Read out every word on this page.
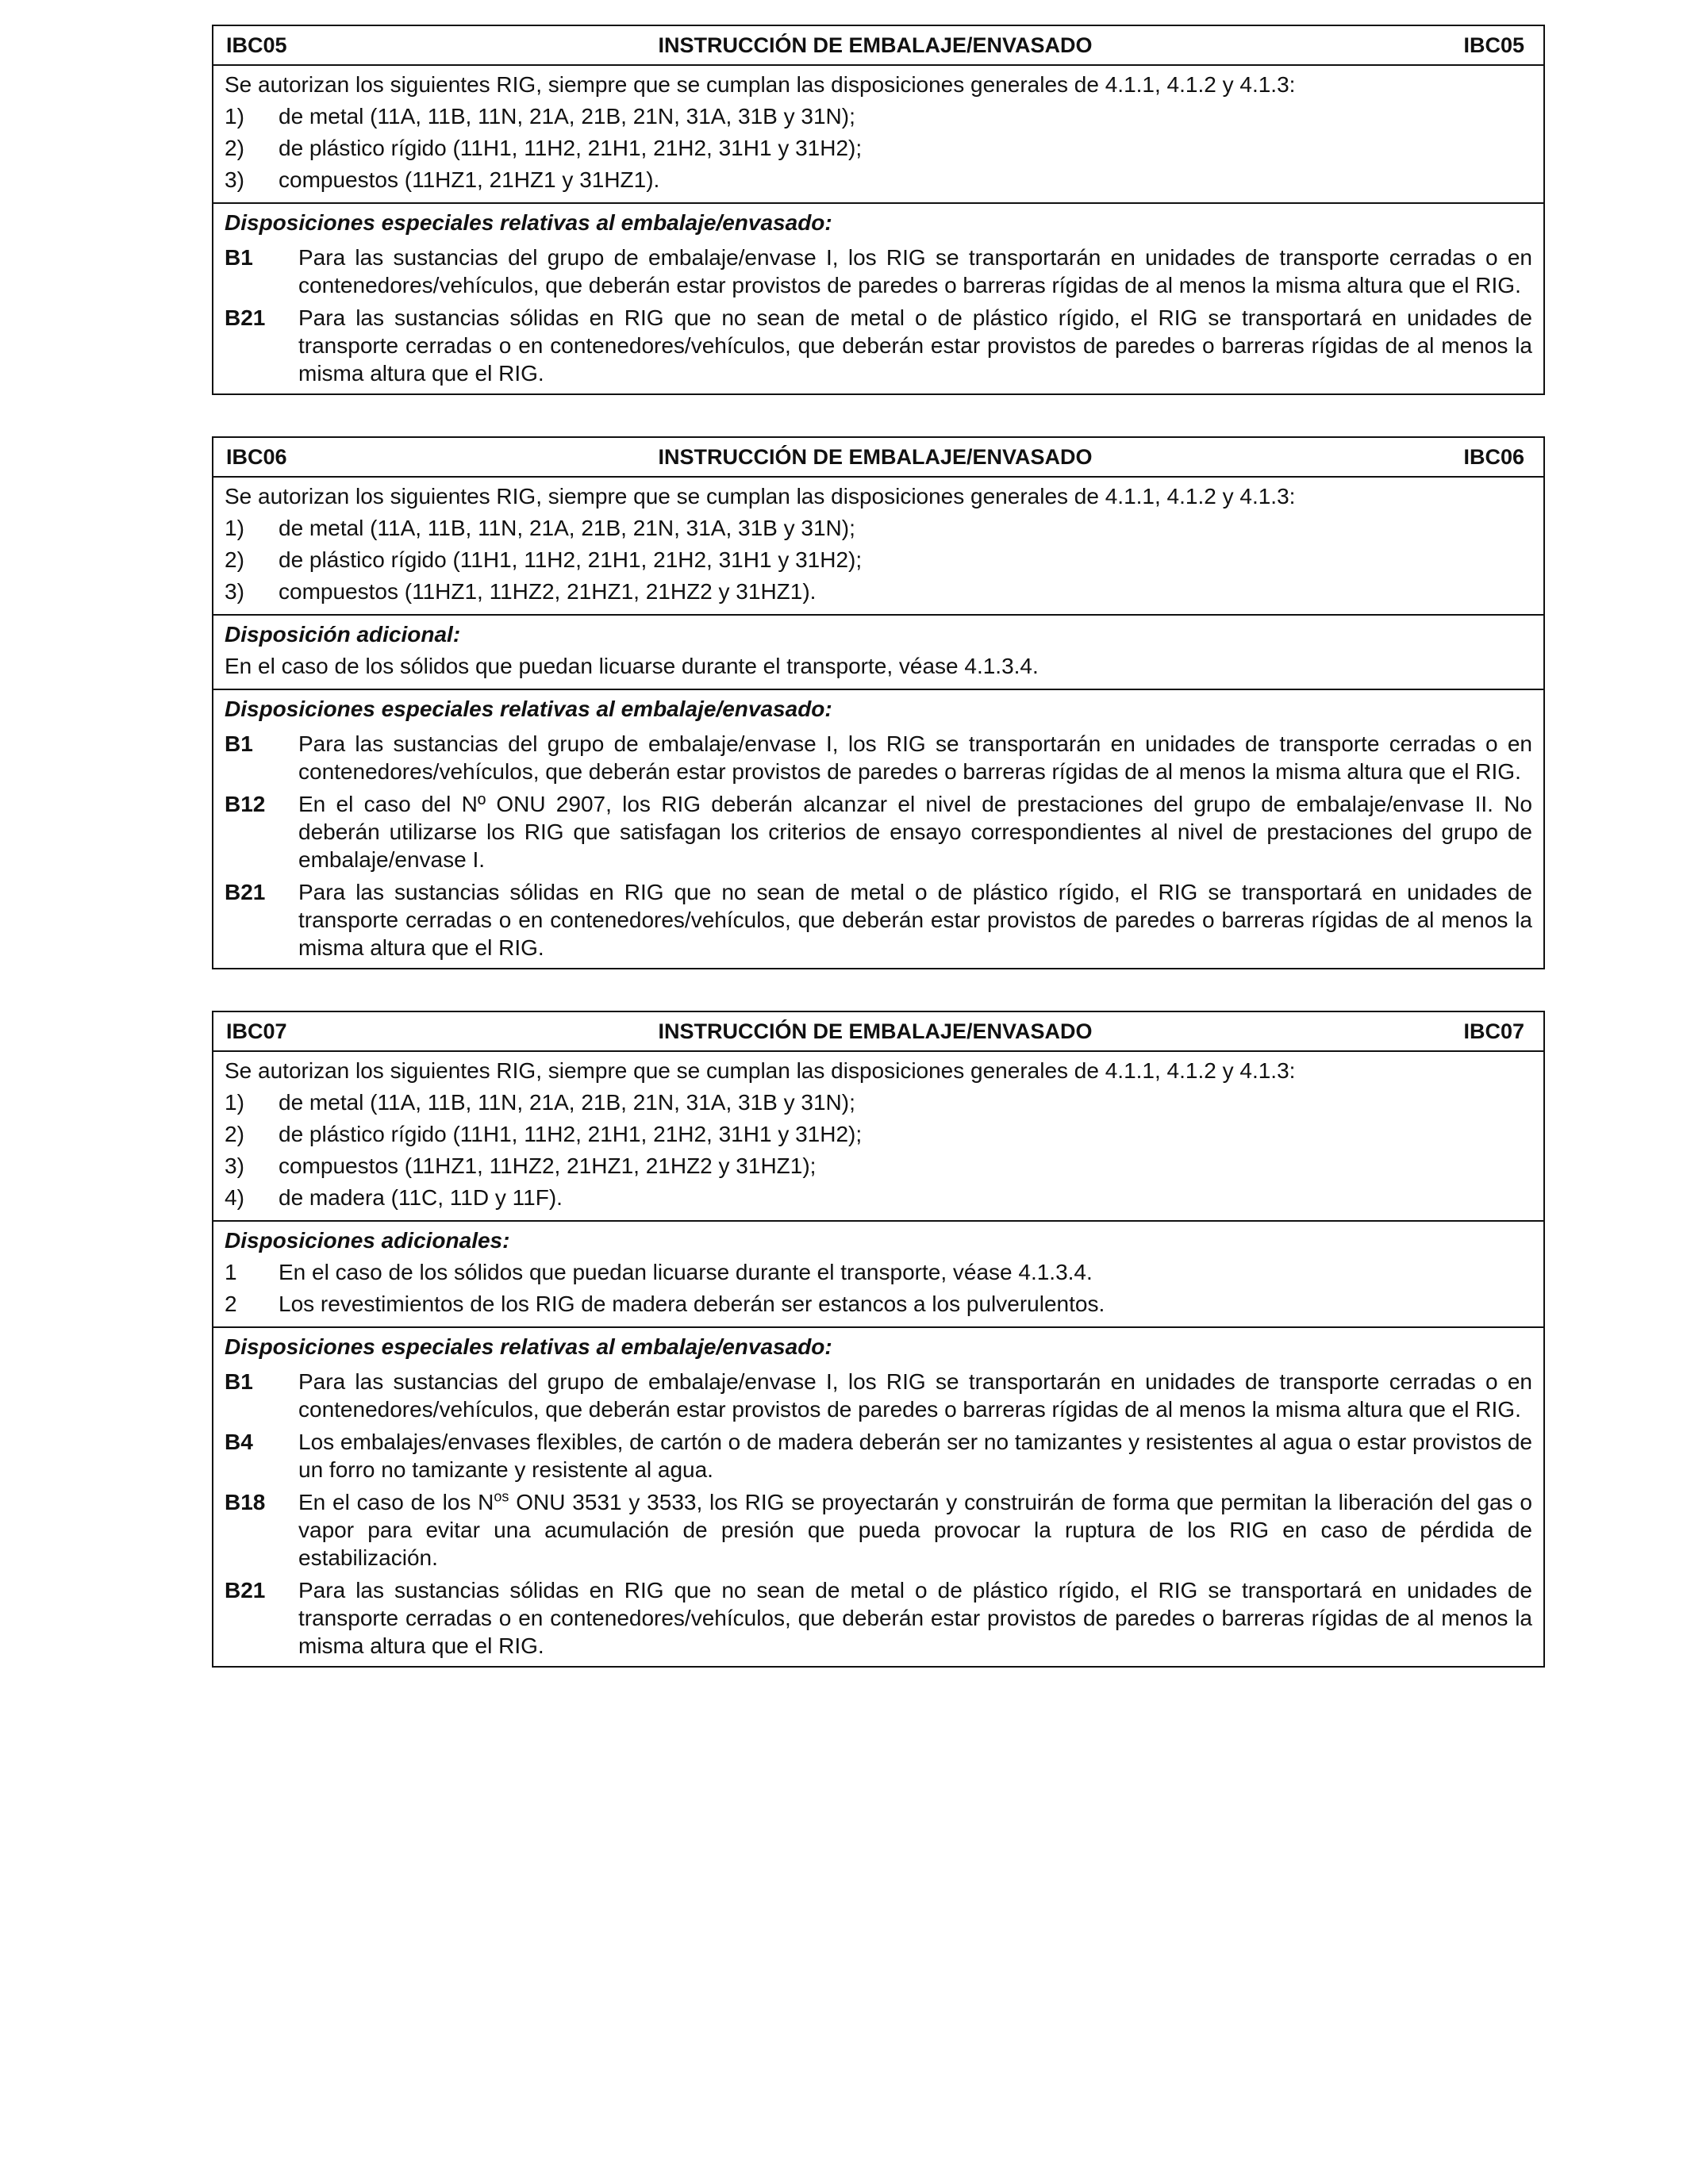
IBC05	INSTRUCCIÓN DE EMBALAJE/ENVASADO	IBC05
Se autorizan los siguientes RIG, siempre que se cumplan las disposiciones generales de 4.1.1, 4.1.2 y 4.1.3:
1)	de metal (11A, 11B, 11N, 21A, 21B, 21N, 31A, 31B y 31N);
2)	de plástico rígido (11H1, 11H2, 21H1, 21H2, 31H1 y 31H2);
3)	compuestos (11HZ1, 21HZ1 y 31HZ1).
Disposiciones especiales relativas al embalaje/envasado:
B1	Para las sustancias del grupo de embalaje/envase I, los RIG se transportarán en unidades de transporte cerradas o en contenedores/vehículos, que deberán estar provistos de paredes o barreras rígidas de al menos la misma altura que el RIG.
B21	Para las sustancias sólidas en RIG que no sean de metal o de plástico rígido, el RIG se transportará en unidades de transporte cerradas o en contenedores/vehículos, que deberán estar provistos de paredes o barreras rígidas de al menos la misma altura que el RIG.
IBC06	INSTRUCCIÓN DE EMBALAJE/ENVASADO	IBC06
Se autorizan los siguientes RIG, siempre que se cumplan las disposiciones generales de 4.1.1, 4.1.2 y 4.1.3:
1)	de metal (11A, 11B, 11N, 21A, 21B, 21N, 31A, 31B y 31N);
2)	de plástico rígido (11H1, 11H2, 21H1, 21H2, 31H1 y 31H2);
3)	compuestos (11HZ1, 11HZ2, 21HZ1, 21HZ2 y 31HZ1).
Disposición adicional:
En el caso de los sólidos que puedan licuarse durante el transporte, véase 4.1.3.4.
Disposiciones especiales relativas al embalaje/envasado:
B1	Para las sustancias del grupo de embalaje/envase I, los RIG se transportarán en unidades de transporte cerradas o en contenedores/vehículos, que deberán estar provistos de paredes o barreras rígidas de al menos la misma altura que el RIG.
B12	En el caso del Nº ONU 2907, los RIG deberán alcanzar el nivel de prestaciones del grupo de embalaje/envase II. No deberán utilizarse los RIG que satisfagan los criterios de ensayo correspondientes al nivel de prestaciones del grupo de embalaje/envase I.
B21	Para las sustancias sólidas en RIG que no sean de metal o de plástico rígido, el RIG se transportará en unidades de transporte cerradas o en contenedores/vehículos, que deberán estar provistos de paredes o barreras rígidas de al menos la misma altura que el RIG.
IBC07	INSTRUCCIÓN DE EMBALAJE/ENVASADO	IBC07
Se autorizan los siguientes RIG, siempre que se cumplan las disposiciones generales de 4.1.1, 4.1.2 y 4.1.3:
1)	de metal (11A, 11B, 11N, 21A, 21B, 21N, 31A, 31B y 31N);
2)	de plástico rígido (11H1, 11H2, 21H1, 21H2, 31H1 y 31H2);
3)	compuestos (11HZ1, 11HZ2, 21HZ1, 21HZ2 y 31HZ1);
4)	de madera (11C, 11D y 11F).
Disposiciones adicionales:
1	En el caso de los sólidos que puedan licuarse durante el transporte, véase 4.1.3.4.
2	Los revestimientos de los RIG de madera deberán ser estancos a los pulverulentos.
Disposiciones especiales relativas al embalaje/envasado:
B1	Para las sustancias del grupo de embalaje/envase I, los RIG se transportarán en unidades de transporte cerradas o en contenedores/vehículos, que deberán estar provistos de paredes o barreras rígidas de al menos la misma altura que el RIG.
B4	Los embalajes/envases flexibles, de cartón o de madera deberán ser no tamizantes y resistentes al agua o estar provistos de un forro no tamizante y resistente al agua.
B18	En el caso de los $N^{os}$ ONU 3531 y 3533, los RIG se proyectarán y construirán de forma que permitan la liberación del gas o vapor para evitar una acumulación de presión que pueda provocar la ruptura de los RIG en caso de pérdida de estabilización.
B21	Para las sustancias sólidas en RIG que no sean de metal o de plástico rígido, el RIG se transportará en unidades de transporte cerradas o en contenedores/vehículos, que deberán estar provistos de paredes o barreras rígidas de al menos la misma altura que el RIG.
